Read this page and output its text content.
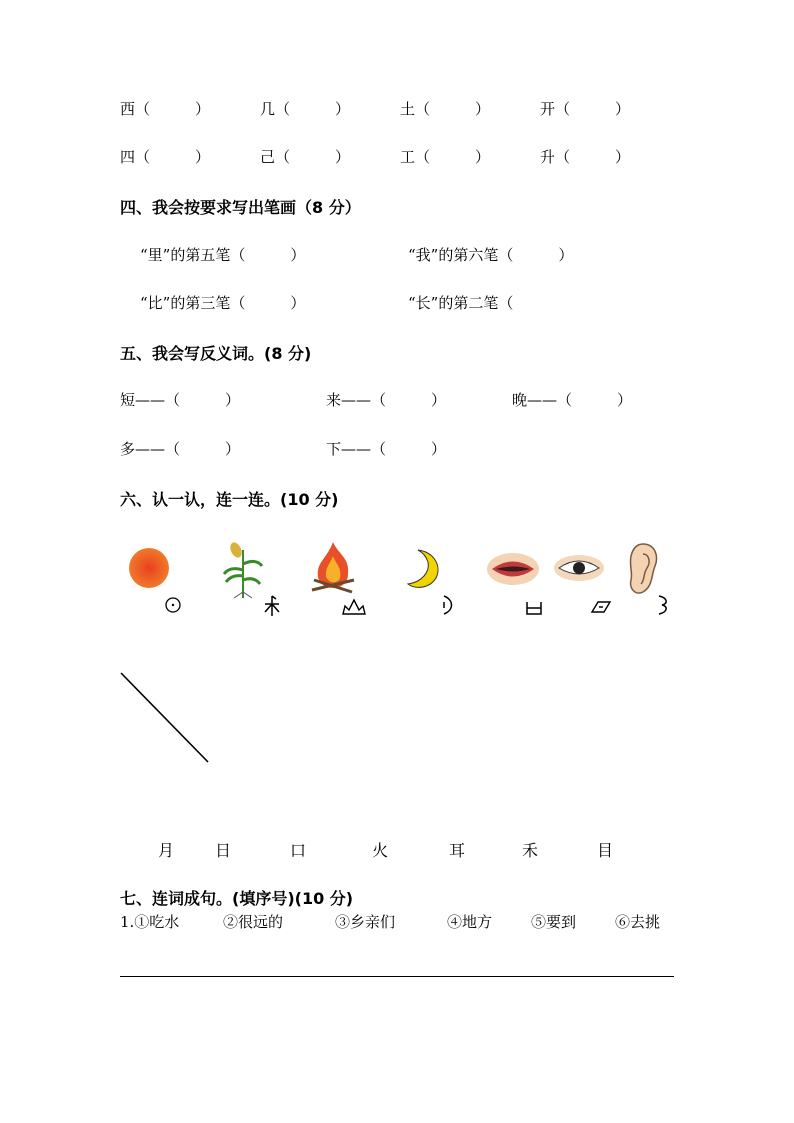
西（　　　）	几（　　　）	土（　　　）	开（　　　）
四（　　　）	己（　　　）	工（　　　）	升（　　　）
四、我会按要求写出笔画（8 分）
“里”的第五笔（　　　）	“我”的第六笔（　　　）
“比”的第三笔（　　　）	“长”的第二笔（
五、我会写反义词。(8 分)
短——（　　　）	来——（　　　）	晚——（　　　）
多——（　　　）	下——（　　　）
六、认一认，连一连。(10 分)
月	日	口	火	耳	禾	目
七、连词成句。(填序号)(10 分)
1.①吃水	②很远的	③乡亲们	④地方	⑤要到	⑥去挑
